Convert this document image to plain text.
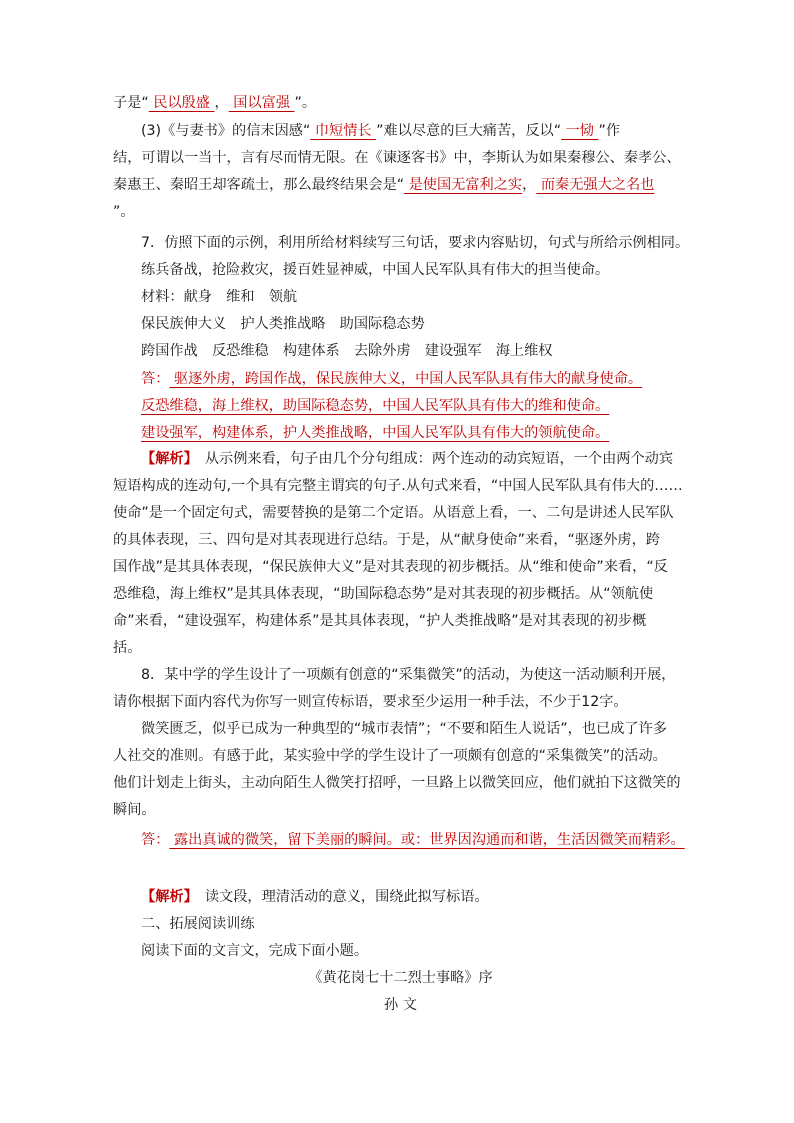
子是“ 民以殷盛 ， 国以富强 ”。
(3)《与妻书》的信末因感“ 巾短情长 ”难以尽意的巨大痛苦，反以“ 一恸 ”作
结，可谓以一当十，言有尽而情无限。在《谏逐客书》中，李斯认为如果秦穆公、秦孝公、
秦惠王、秦昭王却客疏士，那么最终结果会是“ 是使国无富利之实， 而秦无强大之名也
”。
7．仿照下面的示例，利用所给材料续写三句话，要求内容贴切，句式与所给示例相同。
练兵备战，抢险救灾，援百姓显神威，中国人民军队具有伟大的担当使命。
材料：献身　维和　领航
保民族伸大义　护人类推战略　助国际稳态势
跨国作战　反恐维稳　构建体系　去除外虏　建设强军　海上维权
答： 驱逐外虏，跨国作战，保民族伸大义，中国人民军队具有伟大的献身使命。
反恐维稳，海上维权，助国际稳态势，中国人民军队具有伟大的维和使命。
建设强军，构建体系，护人类推战略，中国人民军队具有伟大的领航使命。
【解析】　从示例来看，句子由几个分句组成：两个连动的动宾短语，一个由两个动宾
短语构成的连动句,一个具有完整主谓宾的句子.从句式来看，“中国人民军队具有伟大的……
使命”是一个固定句式，需要替换的是第二个定语。从语意上看，一、二句是讲述人民军队
的具体表现，三、四句是对其表现进行总结。于是，从“献身使命”来看，“驱逐外虏，跨
国作战”是其具体表现，“保民族伸大义”是对其表现的初步概括。从“维和使命”来看，“反
恐维稳，海上维权”是其具体表现，“助国际稳态势”是对其表现的初步概括。从“领航使
命”来看，“建设强军，构建体系”是其具体表现，“护人类推战略”是对其表现的初步概
括。
8．某中学的学生设计了一项颇有创意的“采集微笑”的活动，为使这一活动顺利开展，
请你根据下面内容代为你写一则宣传标语，要求至少运用一种手法，不少于12字。
微笑匮乏，似乎已成为一种典型的“城市表情”；“不要和陌生人说话”，也已成了许多
人社交的准则。有感于此，某实验中学的学生设计了一项颇有创意的“采集微笑”的活动。
他们计划走上街头，主动向陌生人微笑打招呼，一旦路上以微笑回应，他们就拍下这微笑的
瞬间。
答： 露出真诚的微笑，留下美丽的瞬间。或：世界因沟通而和谐，生活因微笑而精彩。
【解析】　读文段，理清活动的意义，围绕此拟写标语。
二、拓展阅读训练
阅读下面的文言文，完成下面小题。
《黄花岗七十二烈士事略》序
孙 文
